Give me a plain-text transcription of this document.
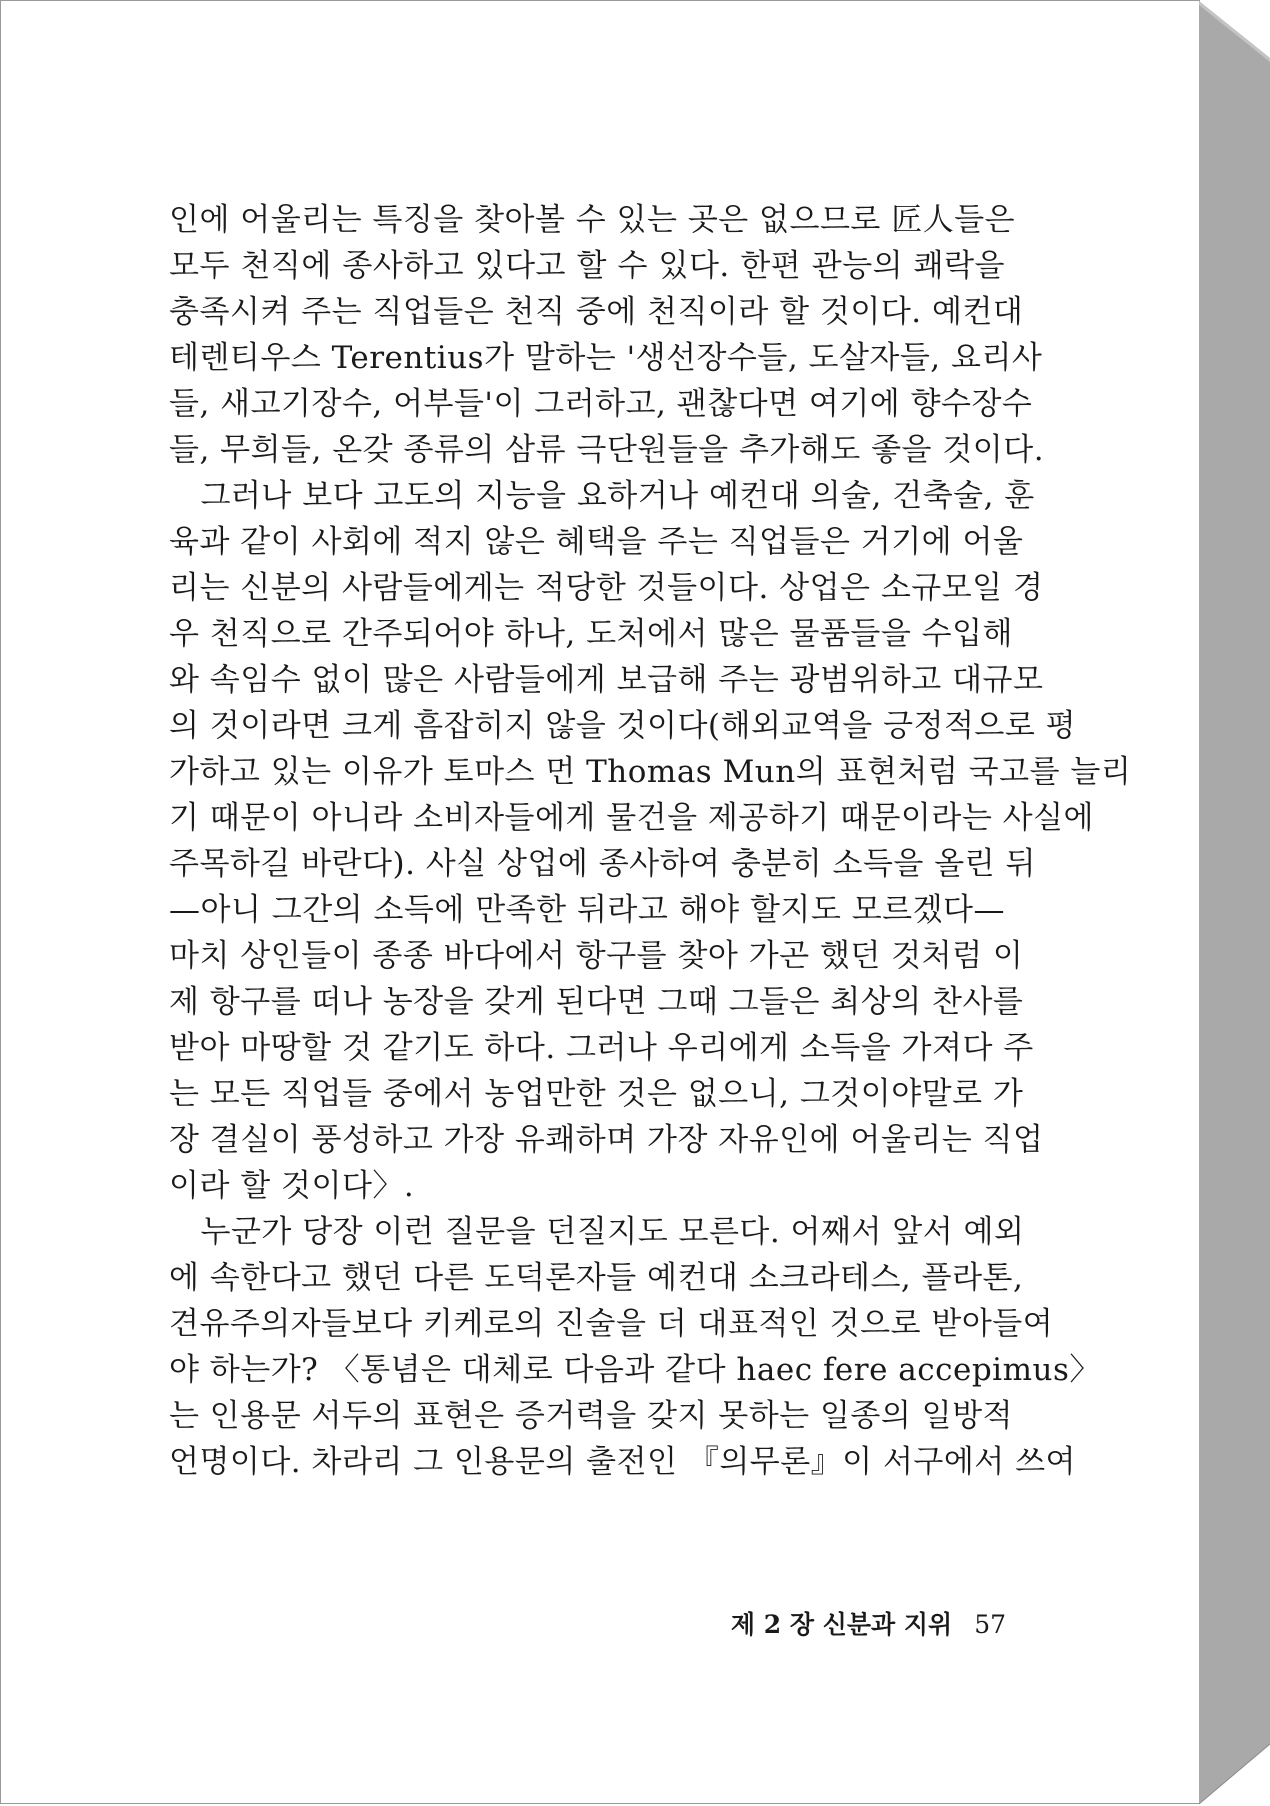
인에 어울리는 특징을 찾아볼 수 있는 곳은 없으므로 匠人들은
모두 천직에 종사하고 있다고 할 수 있다. 한편 관능의 쾌락을
충족시켜 주는 직업들은 천직 중에 천직이라 할 것이다. 예컨대
테렌티우스 Terentius가 말하는 '생선장수들, 도살자들, 요리사
들, 새고기장수, 어부들'이 그러하고, 괜찮다면 여기에 향수장수
들, 무희들, 온갖 종류의 삼류 극단원들을 추가해도 좋을 것이다.
　그러나 보다 고도의 지능을 요하거나 예컨대 의술, 건축술, 훈
육과 같이 사회에 적지 않은 혜택을 주는 직업들은 거기에 어울
리는 신분의 사람들에게는 적당한 것들이다. 상업은 소규모일 경
우 천직으로 간주되어야 하나, 도처에서 많은 물품들을 수입해
와 속임수 없이 많은 사람들에게 보급해 주는 광범위하고 대규모
의 것이라면 크게 흠잡히지 않을 것이다(해외교역을 긍정적으로 평
가하고 있는 이유가 토마스 먼 Thomas Mun의 표현처럼 국고를 늘리
기 때문이 아니라 소비자들에게 물건을 제공하기 때문이라는 사실에
주목하길 바란다). 사실 상업에 종사하여 충분히 소득을 올린 뒤
—아니 그간의 소득에 만족한 뒤라고 해야 할지도 모르겠다—
마치 상인들이 종종 바다에서 항구를 찾아 가곤 했던 것처럼 이
제 항구를 떠나 농장을 갖게 된다면 그때 그들은 최상의 찬사를
받아 마땅할 것 같기도 하다. 그러나 우리에게 소득을 가져다 주
는 모든 직업들 중에서 농업만한 것은 없으니, 그것이야말로 가
장 결실이 풍성하고 가장 유쾌하며 가장 자유인에 어울리는 직업
이라 할 것이다〉.
　누군가 당장 이런 질문을 던질지도 모른다. 어째서 앞서 예외
에 속한다고 했던 다른 도덕론자들 예컨대 소크라테스, 플라톤,
견유주의자들보다 키케로의 진술을 더 대표적인 것으로 받아들여
야 하는가? 〈통념은 대체로 다음과 같다 haec fere accepimus〉
는 인용문 서두의 표현은 증거력을 갖지 못하는 일종의 일방적
언명이다. 차라리 그 인용문의 출전인 『의무론』이 서구에서 쓰여
제 2 장 신분과 지위 57
